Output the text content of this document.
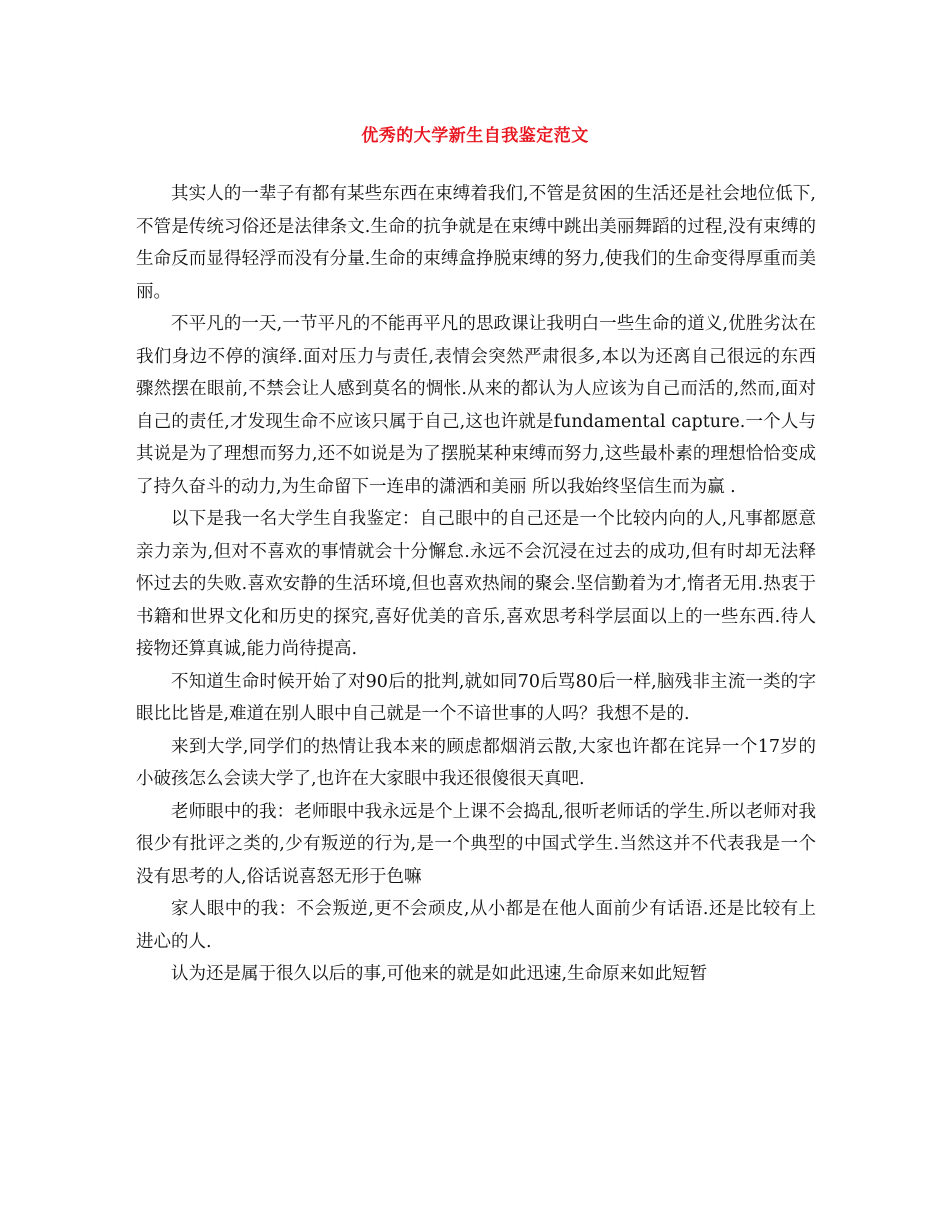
优秀的大学新生自我鉴定范文

其实人的一辈子有都有某些东西在束缚着我们,不管是贫困的生活还是社会地位低下,不管是传统习俗还是法律条文.生命的抗争就是在束缚中跳出美丽舞蹈的过程,没有束缚的生命反而显得轻浮而没有分量.生命的束缚盒挣脱束缚的努力,使我们的生命变得厚重而美丽。

不平凡的一天,一节平凡的不能再平凡的思政课让我明白一些生命的道义,优胜劣汰在我们身边不停的演绎.面对压力与责任,表情会突然严肃很多,本以为还离自己很远的东西骤然摆在眼前,不禁会让人感到莫名的惆怅.从来的都认为人应该为自己而活的,然而,面对自己的责任,才发现生命不应该只属于自己,这也许就是fundamental capture.一个人与其说是为了理想而努力,还不如说是为了摆脱某种束缚而努力,这些最朴素的理想恰恰变成了持久奋斗的动力,为生命留下一连串的潇洒和美丽 所以我始终坚信生而为赢 .

以下是我一名大学生自我鉴定：自己眼中的自己还是一个比较内向的人,凡事都愿意亲力亲为,但对不喜欢的事情就会十分懈怠.永远不会沉浸在过去的成功,但有时却无法释怀过去的失败.喜欢安静的生活环境,但也喜欢热闹的聚会.坚信勤着为才,惰者无用.热衷于书籍和世界文化和历史的探究,喜好优美的音乐,喜欢思考科学层面以上的一些东西.待人接物还算真诚,能力尚待提高.

不知道生命时候开始了对90后的批判,就如同70后骂80后一样,脑残非主流一类的字眼比比皆是,难道在别人眼中自己就是一个不谙世事的人吗？我想不是的.

来到大学,同学们的热情让我本来的顾虑都烟消云散,大家也许都在诧异一个17岁的小破孩怎么会读大学了,也许在大家眼中我还很傻很天真吧.

老师眼中的我：老师眼中我永远是个上课不会捣乱,很听老师话的学生.所以老师对我很少有批评之类的,少有叛逆的行为,是一个典型的中国式学生.当然这并不代表我是一个没有思考的人,俗话说喜怒无形于色嘛

家人眼中的我：不会叛逆,更不会顽皮,从小都是在他人面前少有话语.还是比较有上进心的人.

认为还是属于很久以后的事,可他来的就是如此迅速,生命原来如此短暂
